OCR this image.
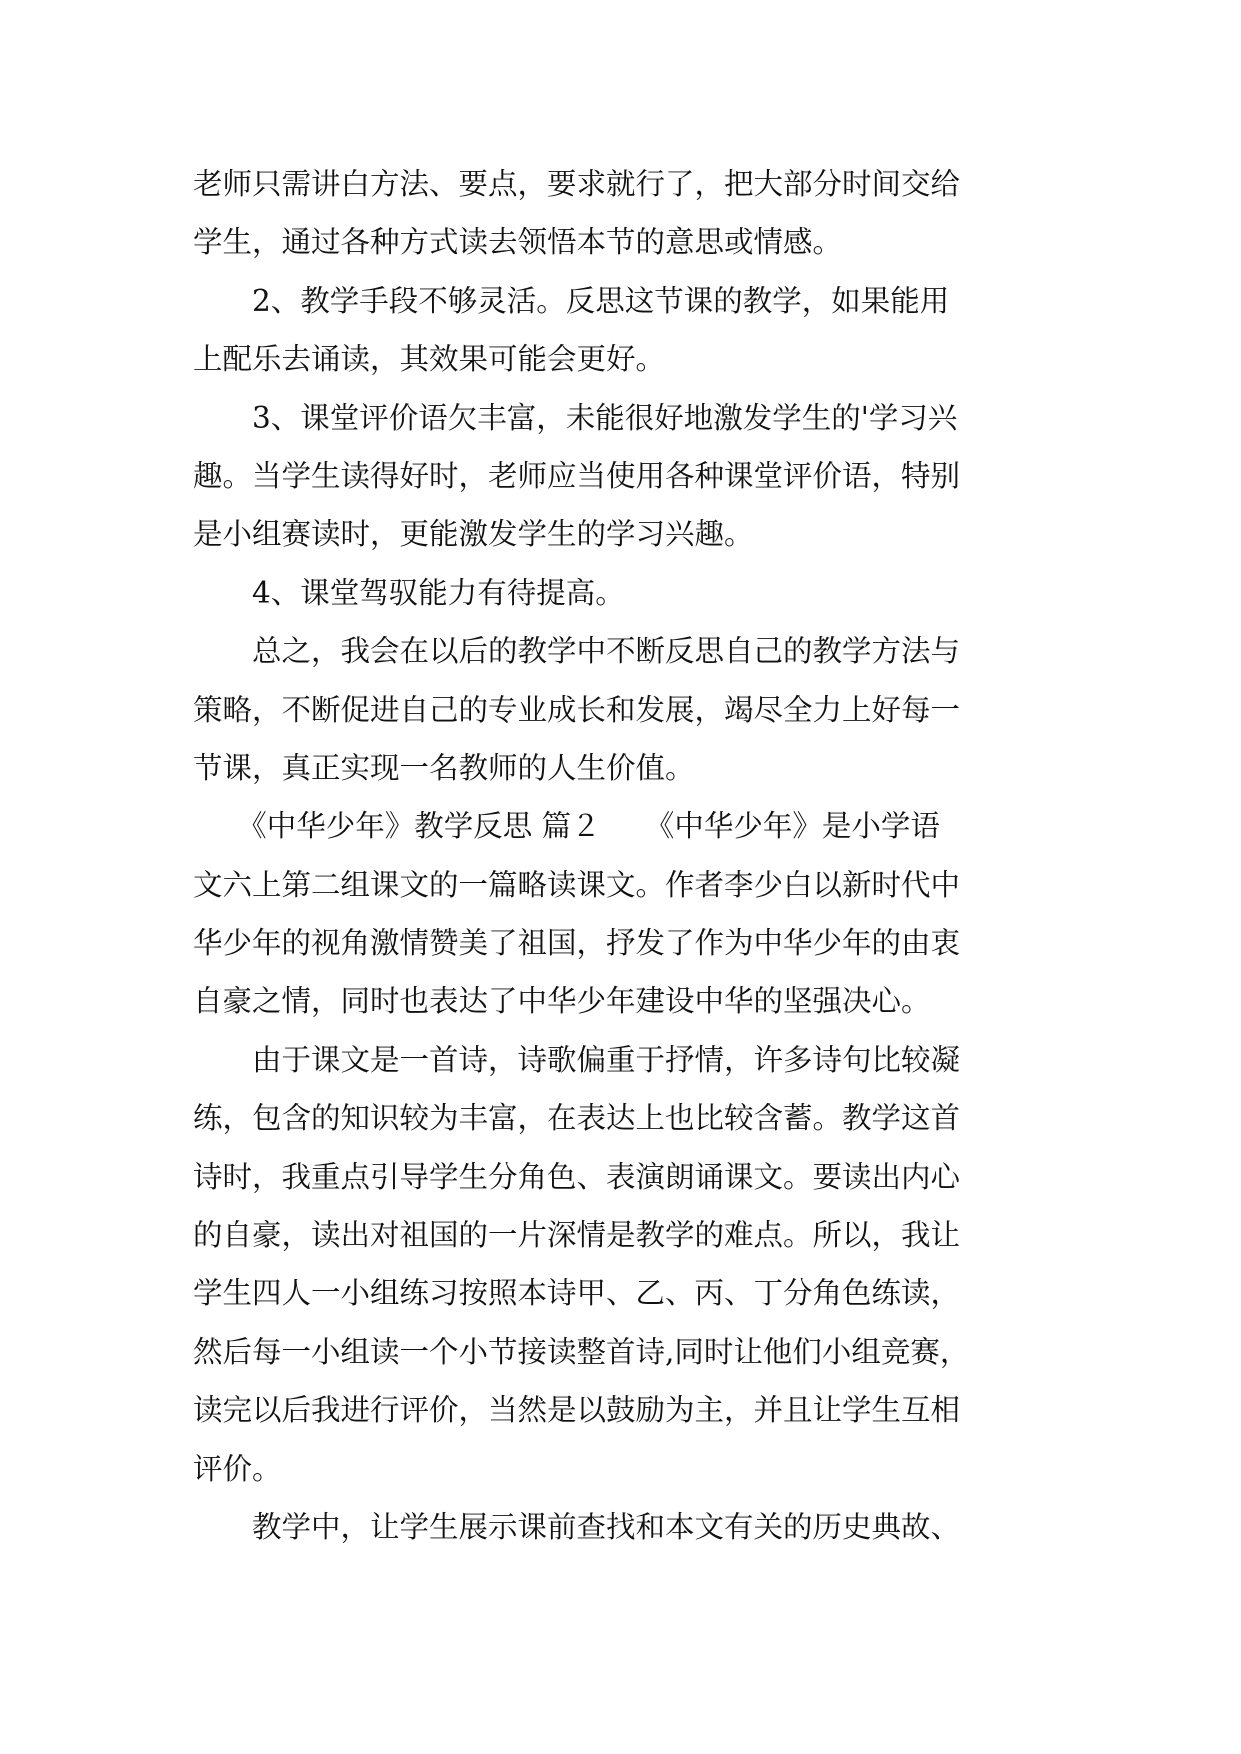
老师只需讲白方法、要点，要求就行了，把大部分时间交给
学生，通过各种方式读去领悟本节的意思或情感。
　　2、教学手段不够灵活。反思这节课的教学，如果能用
上配乐去诵读，其效果可能会更好。
　　3、课堂评价语欠丰富，未能很好地激发学生的'学习兴
趣。当学生读得好时，老师应当使用各种课堂评价语，特别
是小组赛读时，更能激发学生的学习兴趣。
　　4、课堂驾驭能力有待提高。
　　总之，我会在以后的教学中不断反思自己的教学方法与
策略，不断促进自己的专业成长和发展，竭尽全力上好每一
节课，真正实现一名教师的人生价值。
　　《中华少年》教学反思 篇２　　《中华少年》是小学语
文六上第二组课文的一篇略读课文。作者李少白以新时代中
华少年的视角激情赞美了祖国，抒发了作为中华少年的由衷
自豪之情，同时也表达了中华少年建设中华的坚强决心。
　　由于课文是一首诗，诗歌偏重于抒情，许多诗句比较凝
练，包含的知识较为丰富，在表达上也比较含蓄。教学这首
诗时，我重点引导学生分角色、表演朗诵课文。要读出内心
的自豪，读出对祖国的一片深情是教学的难点。所以，我让
学生四人一小组练习按照本诗甲、乙、丙、丁分角色练读，
然后每一小组读一个小节接读整首诗,同时让他们小组竞赛，
读完以后我进行评价，当然是以鼓励为主，并且让学生互相
评价。
　　教学中，让学生展示课前查找和本文有关的历史典故、
